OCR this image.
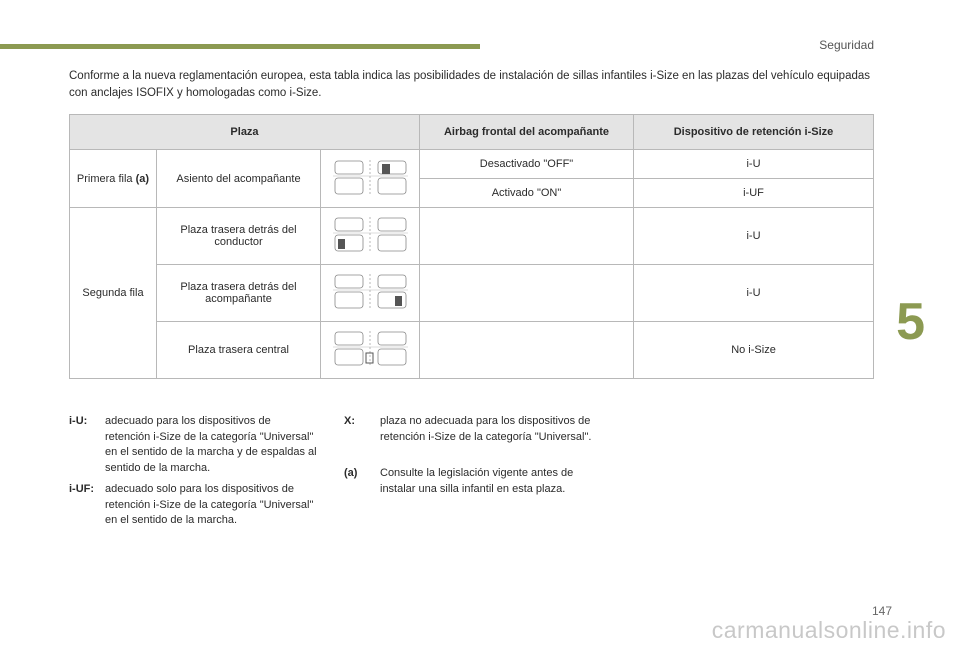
Seguridad
5
Conforme a la nueva reglamentación europea, esta tabla indica las posibilidades de instalación de sillas infantiles i-Size en las plazas del vehículo equipadas con anclajes ISOFIX y homologadas como i-Size.
Plaza			Airbag frontal del acompañante	Dispositivo de retención i-Size
Primera fila (a)	Asiento del acompañante		Desactivado "OFF"	i-U
			Activado "ON"	i-UF
Segunda fila	Plaza trasera detrás del conductor			i-U
	Plaza trasera detrás del acompañante			i-U
	Plaza trasera central			No i-Size
i-U: adecuado para los dispositivos de retención i-Size de la categoría "Universal" en el sentido de la marcha y de espaldas al sentido de la marcha.
i-UF: adecuado solo para los dispositivos de retención i-Size de la categoría "Universal" en el sentido de la marcha.
X: plaza no adecuada para los dispositivos de retención i-Size de la categoría "Universal".
(a) Consulte la legislación vigente antes de instalar una silla infantil en esta plaza.
147
carmanualsonline.info
